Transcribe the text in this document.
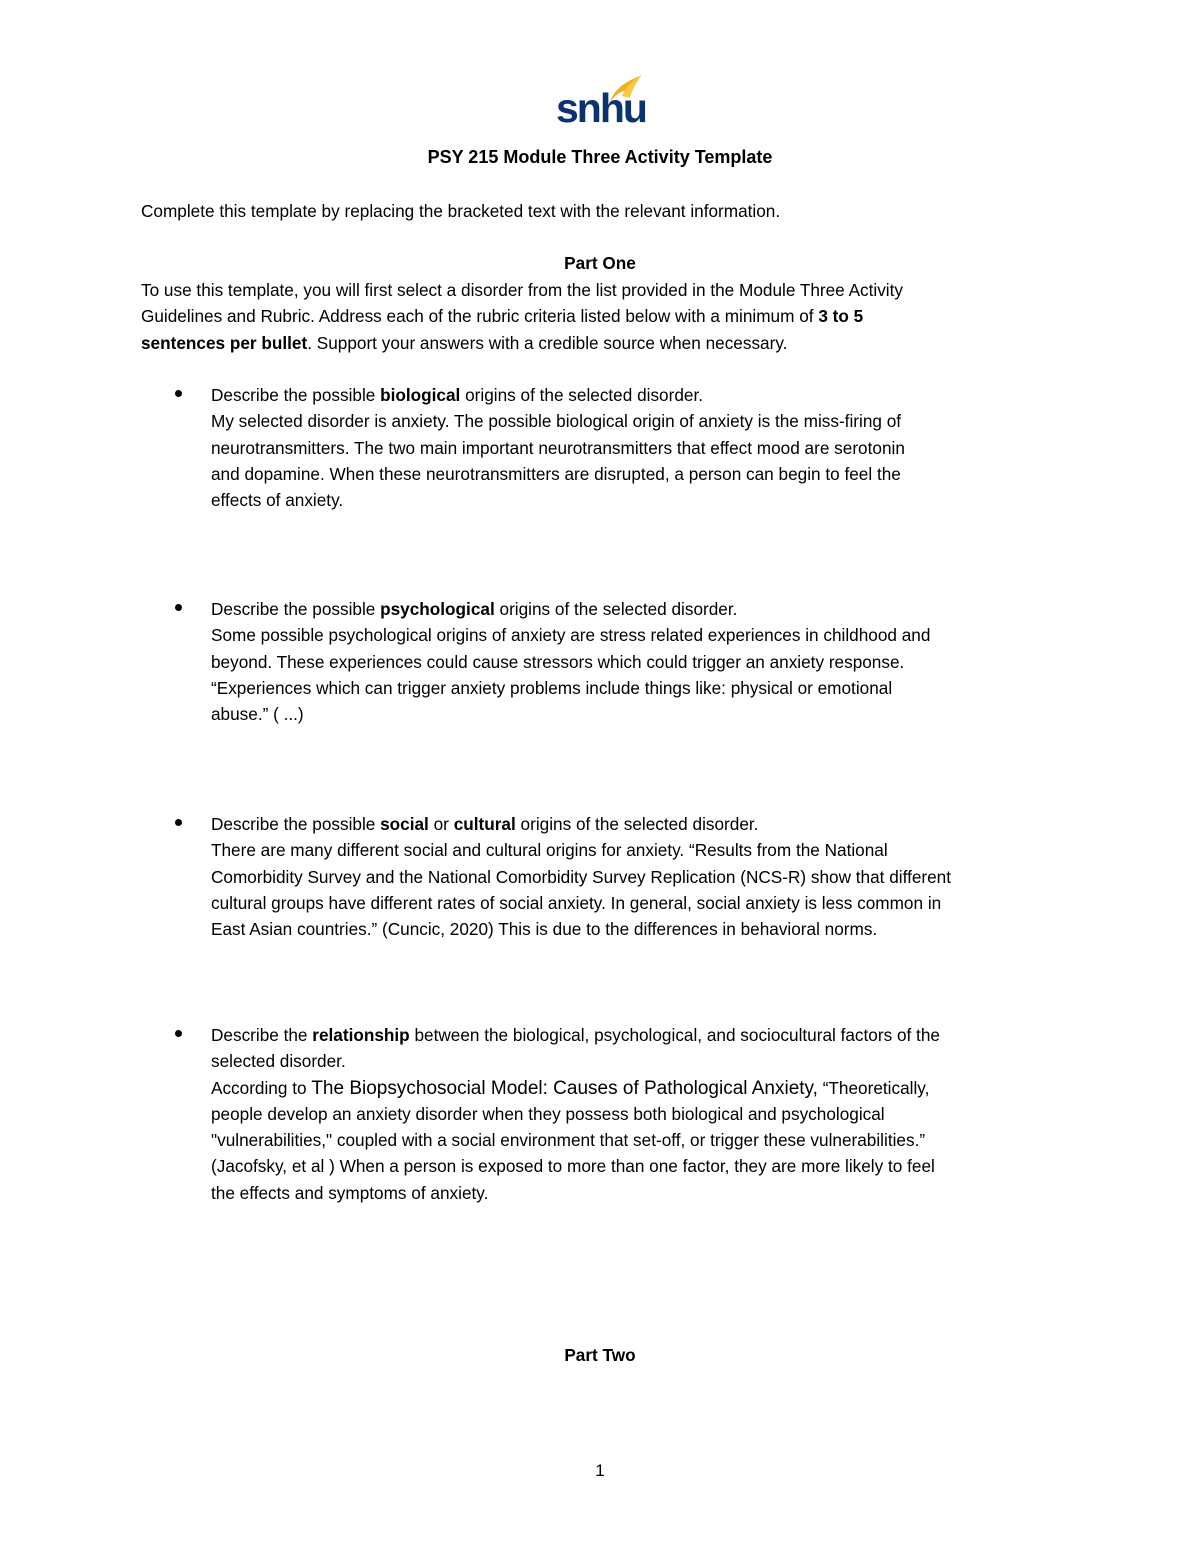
snhu
PSY 215 Module Three Activity Template
Complete this template by replacing the bracketed text with the relevant information.
Part One
To use this template, you will first select a disorder from the list provided in the Module Three Activity
Guidelines and Rubric. Address each of the rubric criteria listed below with a minimum of 3 to 5
sentences per bullet. Support your answers with a credible source when necessary.
Describe the possible biological origins of the selected disorder.
My selected disorder is anxiety. The possible biological origin of anxiety is the miss-firing of
neurotransmitters. The two main important neurotransmitters that effect mood are serotonin
and dopamine. When these neurotransmitters are disrupted, a person can begin to feel the
effects of anxiety.
Describe the possible psychological origins of the selected disorder.
Some possible psychological origins of anxiety are stress related experiences in childhood and
beyond. These experiences could cause stressors which could trigger an anxiety response.
“Experiences which can trigger anxiety problems include things like: physical or emotional
abuse.” ( ...)
Describe the possible social or cultural origins of the selected disorder.
There are many different social and cultural origins for anxiety. “Results from the National
Comorbidity Survey and the National Comorbidity Survey Replication (NCS-R) show that different
cultural groups have different rates of social anxiety. In general, social anxiety is less common in
East Asian countries.” (Cuncic, 2020) This is due to the differences in behavioral norms.
Describe the relationship between the biological, psychological, and sociocultural factors of the
selected disorder.
According to The Biopsychosocial Model: Causes of Pathological Anxiety, “Theoretically,
people develop an anxiety disorder when they possess both biological and psychological
"vulnerabilities," coupled with a social environment that set-off, or trigger these vulnerabilities.”
(Jacofsky, et al ) When a person is exposed to more than one factor, they are more likely to feel
the effects and symptoms of anxiety.
Part Two
1
